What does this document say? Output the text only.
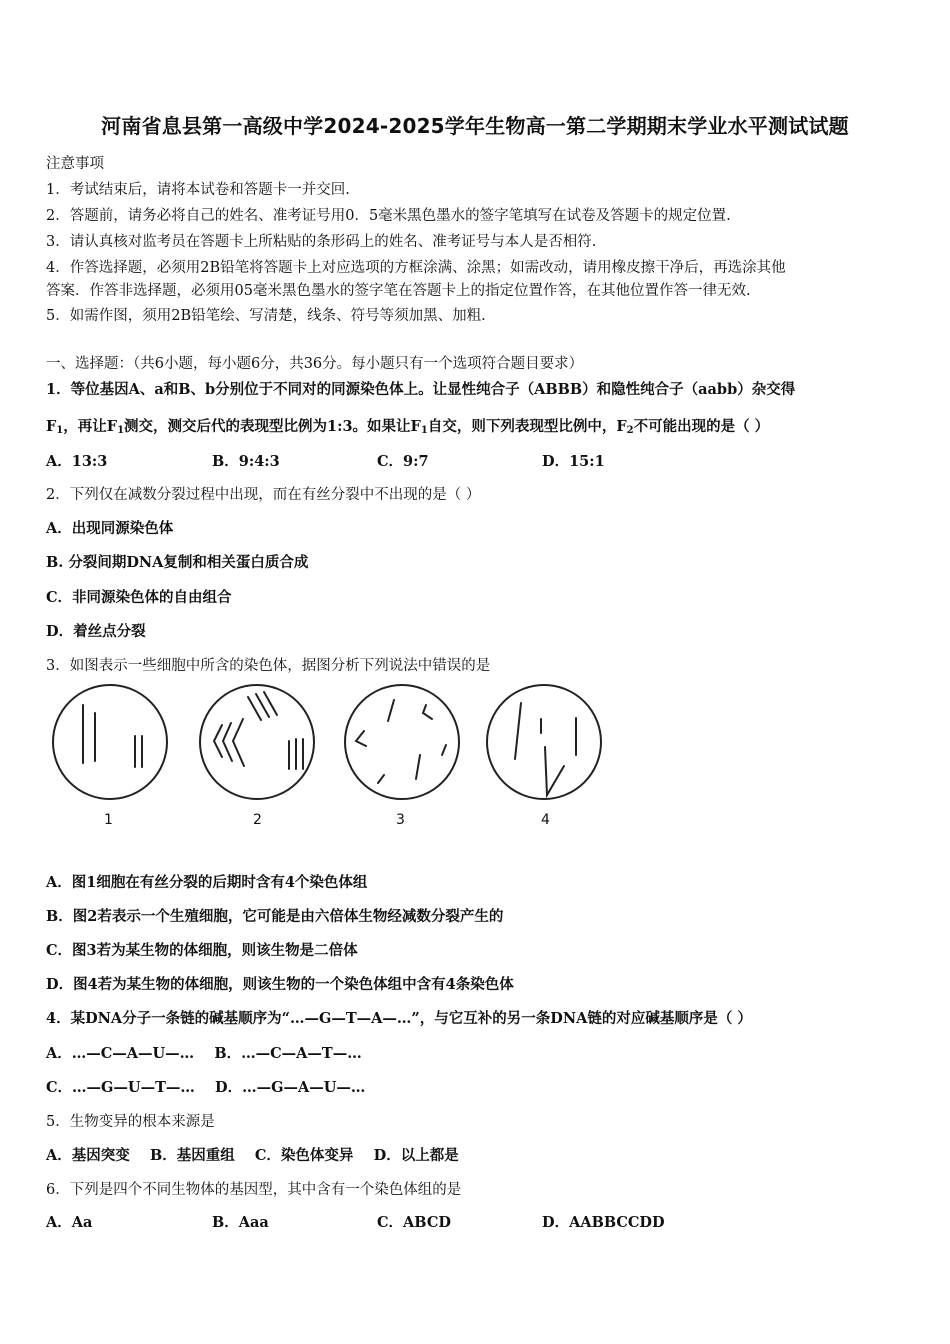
河南省息县第一高级中学2024-2025学年生物高一第二学期期末学业水平测试试题
注意事项
1．考试结束后，请将本试卷和答题卡一并交回.
2．答题前，请务必将自己的姓名、准考证号用0．5毫米黑色墨水的签字笔填写在试卷及答题卡的规定位置.
3．请认真核对监考员在答题卡上所粘贴的条形码上的姓名、准考证号与本人是否相符.
4．作答选择题，必须用2B铅笔将答题卡上对应选项的方框涂满、涂黑；如需改动，请用橡皮擦干净后，再选涂其他
答案．作答非选择题，必须用05毫米黑色墨水的签字笔在答题卡上的指定位置作答，在其他位置作答一律无效.
5．如需作图，须用2B铅笔绘、写清楚，线条、符号等须加黑、加粗.
一、选择题：（共6小题，每小题6分，共36分。每小题只有一个选项符合题目要求）
1．等位基因A、a和B、b分别位于不同对的同源染色体上。让显性纯合子（ABBB）和隐性纯合子（aabb）杂交得
$F_1$，再让$F_1$测交，测交后代的表现型比例为1:3。如果让$F_1$自交，则下列表现型比例中，$F_2$不可能出现的是（ ）
A．13:3	B．9:4:3	C．9:7	D．15:1
2．下列仅在减数分裂过程中出现，而在有丝分裂中不出现的是（ ）
A．出现同源染色体
B. 分裂间期DNA复制和相关蛋白质合成
C．非同源染色体的自由组合
D．着丝点分裂
3．如图表示一些细胞中所含的染色体，据图分析下列说法中错误的是
1	2	3	4
A．图1细胞在有丝分裂的后期时含有4个染色体组
B．图2若表示一个生殖细胞，它可能是由六倍体生物经减数分裂产生的
C．图3若为某生物的体细胞，则该生物是二倍体
D．图4若为某生物的体细胞，则该生物的一个染色体组中含有4条染色体
4．某DNA分子一条链的碱基顺序为“…—G—T—A—…”，与它互补的另一条DNA链的对应碱基顺序是（ ）
A．…—C—A—U—…    B．…—C—A—T—…
C．…—G—U—T—…    D．…—G—A—U—…
5．生物变异的根本来源是
A．基因突变    B．基因重组    C．染色体变异    D．以上都是
6．下列是四个不同生物体的基因型，其中含有一个染色体组的是
A．Aa	B．Aaa	C．ABCD	D．AABBCCDD
